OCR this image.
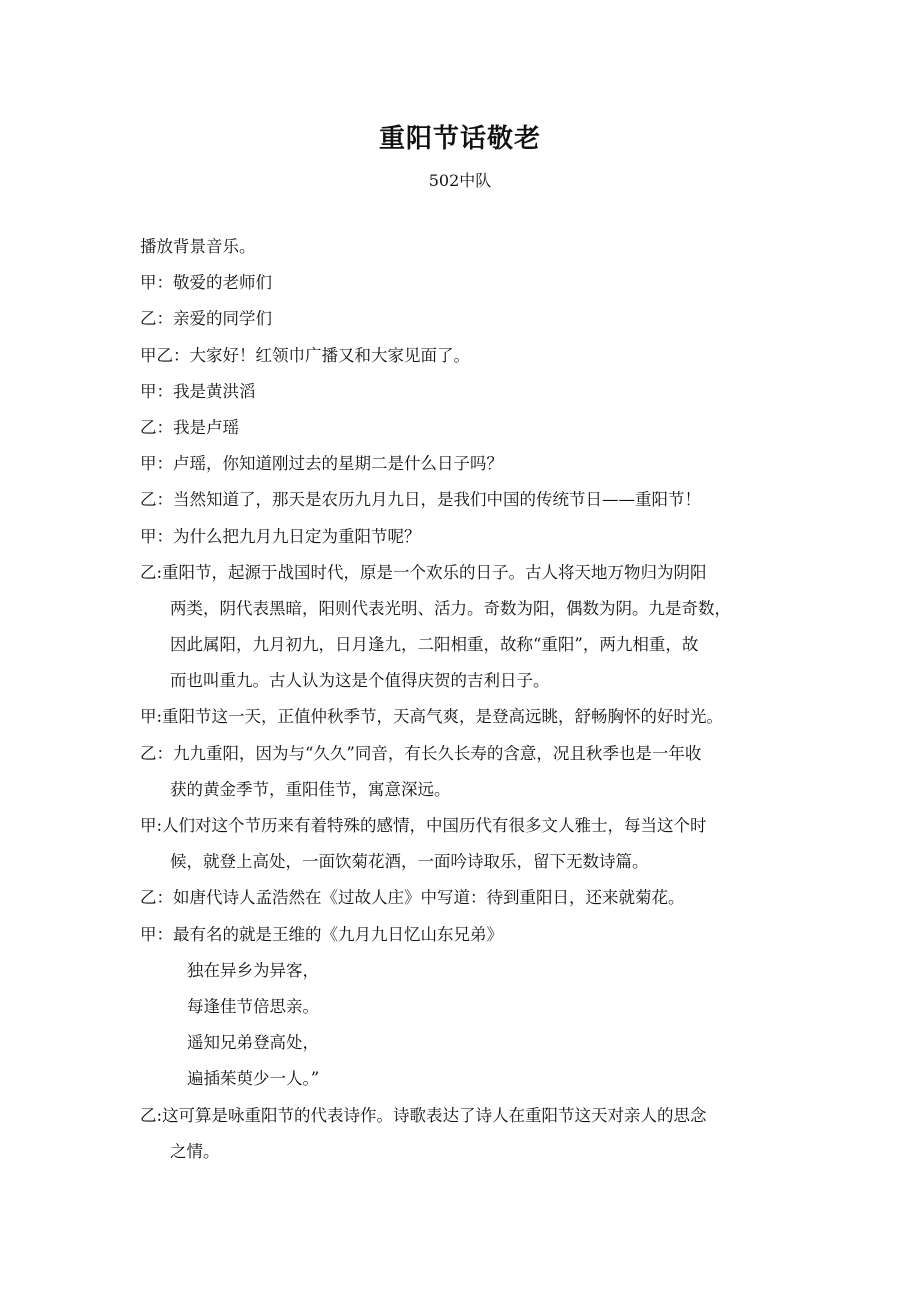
重阳节话敬老
502中队
播放背景音乐。
甲：敬爱的老师们
乙：亲爱的同学们
甲乙：大家好！红领巾广播又和大家见面了。
甲：我是黄洪滔
乙：我是卢瑶
甲：卢瑶，你知道刚过去的星期二是什么日子吗？
乙：当然知道了，那天是农历九月九日，是我们中国的传统节日——重阳节！
甲：为什么把九月九日定为重阳节呢？
乙:重阳节，起源于战国时代，原是一个欢乐的日子。古人将天地万物归为阴阳
两类，阴代表黑暗，阳则代表光明、活力。奇数为阳，偶数为阴。九是奇数，
因此属阳，九月初九，日月逢九，二阳相重，故称“重阳”，两九相重，故
而也叫重九。古人认为这是个值得庆贺的吉利日子。
甲:重阳节这一天，正值仲秋季节，天高气爽，是登高远眺，舒畅胸怀的好时光。
乙：九九重阳，因为与“久久”同音，有长久长寿的含意，况且秋季也是一年收
获的黄金季节，重阳佳节，寓意深远。
甲:人们对这个节历来有着特殊的感情，中国历代有很多文人雅士，每当这个时
候，就登上高处，一面饮菊花酒，一面吟诗取乐，留下无数诗篇。
乙：如唐代诗人孟浩然在《过故人庄》中写道：待到重阳日，还来就菊花。
甲：最有名的就是王维的《九月九日忆山东兄弟》
独在异乡为异客，
每逢佳节倍思亲。
遥知兄弟登高处，
遍插茱萸少一人。”
乙:这可算是咏重阳节的代表诗作。诗歌表达了诗人在重阳节这天对亲人的思念
之情。
